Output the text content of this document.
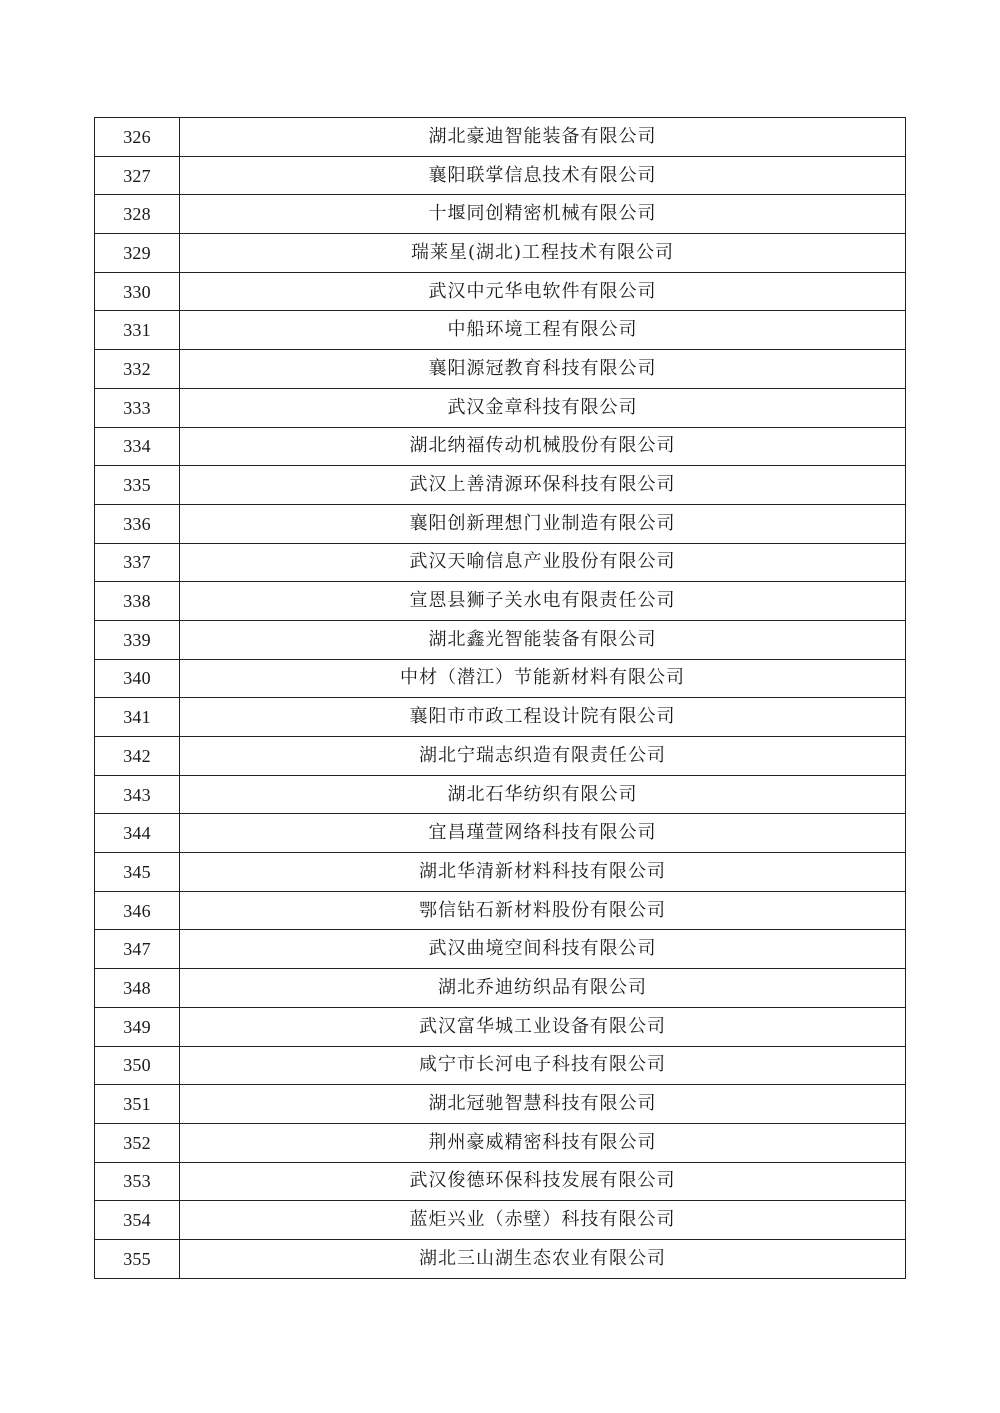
326	湖北豪迪智能装备有限公司
327	襄阳联掌信息技术有限公司
328	十堰同创精密机械有限公司
329	瑞莱星(湖北)工程技术有限公司
330	武汉中元华电软件有限公司
331	中船环境工程有限公司
332	襄阳源冠教育科技有限公司
333	武汉金章科技有限公司
334	湖北纳福传动机械股份有限公司
335	武汉上善清源环保科技有限公司
336	襄阳创新理想门业制造有限公司
337	武汉天喻信息产业股份有限公司
338	宣恩县狮子关水电有限责任公司
339	湖北鑫光智能装备有限公司
340	中材（潜江）节能新材料有限公司
341	襄阳市市政工程设计院有限公司
342	湖北宁瑞志织造有限责任公司
343	湖北石华纺织有限公司
344	宜昌瑾萱网络科技有限公司
345	湖北华清新材料科技有限公司
346	鄂信钻石新材料股份有限公司
347	武汉曲境空间科技有限公司
348	湖北乔迪纺织品有限公司
349	武汉富华城工业设备有限公司
350	咸宁市长河电子科技有限公司
351	湖北冠驰智慧科技有限公司
352	荆州豪威精密科技有限公司
353	武汉俊德环保科技发展有限公司
354	蓝炬兴业（赤壁）科技有限公司
355	湖北三山湖生态农业有限公司
